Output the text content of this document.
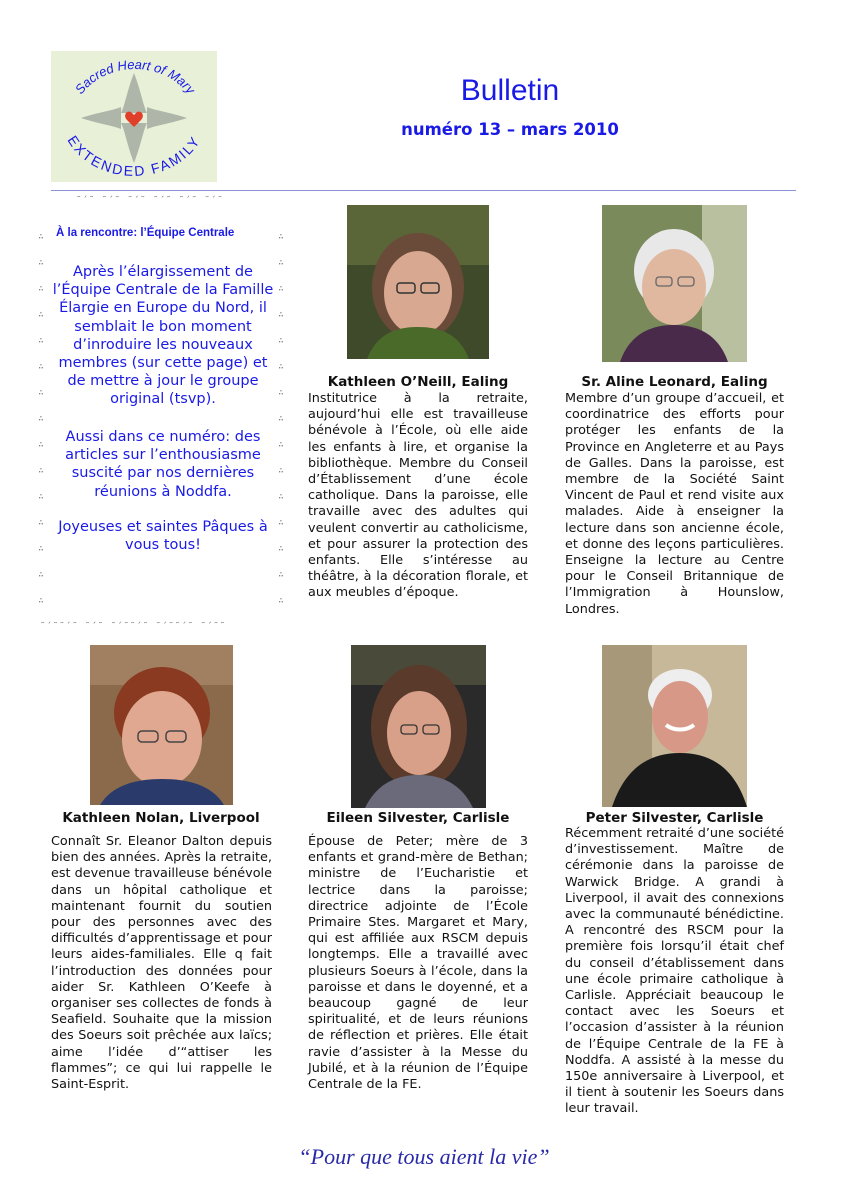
Sacred Heart of Mary
EXTENDED FAMILY
Bulletin
numéro 13 – mars 2010
˜´˜ ˜´˜ ˜´˜ ˜´˜ ˜´˜ ˜´˜
˜´˜˜´˜ ˜´˜ ˜´˜˜´˜ ˜´˜˜´˜ ˜´˜˜
∴
∴
∴
∴
∴
∴
∴
∴
∴
∴
∴
∴
∴
∴
∴
∴
∴
∴
∴
∴
∴
∴
∴
∴
∴
∴
∴
∴
∴
∴
À la rencontre: l’Équipe Centrale
Après l’élargissement de l’Équipe Centrale de la Famille Élargie en Europe du Nord, il semblait le bon moment d’inroduire les nouveaux membres (sur cette page) et de mettre à jour le groupe original (tsvp).
Aussi dans ce numéro: des articles sur l’enthousiasme suscité par nos dernières réunions à Noddfa.
Joyeuses et saintes Pâques à vous tous!
Kathleen O’Neill, Ealing	Sr. Aline Leonard, Ealing
Kathleen Nolan, Liverpool	Eileen Silvester, Carlisle	Peter Silvester, Carlisle

Institutrice à la retraite, aujourd’hui elle est travailleuse bénévole à l’École, où elle aide les enfants à lire, et organise la bibliothèque. Membre du Conseil d’Établissement d’une école catholique. Dans la paroisse, elle travaille avec des adultes qui veulent convertir au catholicisme, et pour assurer la protection des enfants. Elle s’intéresse au théâtre, à la décoration florale, et aux meubles d’époque.

Membre d’un groupe d’accueil, et coordinatrice des efforts pour protéger les enfants de la Province en Angleterre et au Pays de Galles. Dans la paroisse, est membre de la Société Saint Vincent de Paul et rend visite aux malades. Aide à enseigner la lecture dans son ancienne école, et donne des leçons particulières. Enseigne la lecture au Centre pour le Conseil Britannique de l’Immigration à Hounslow, Londres.

Connaît Sr. Eleanor Dalton depuis bien des années. Après la retraite, est devenue travailleuse bénévole dans un hôpital catholique et maintenant fournit du soutien pour des personnes avec des difficultés d’apprentissage et pour leurs aides-familiales. Elle q fait l’introduction des données pour aider Sr. Kathleen O’Keefe à organiser ses collectes de fonds à Seafield. Souhaite que la mission des Soeurs soit prêchée aux laïcs; aime l’idée d’“attiser les flammes”; ce qui lui rappelle le Saint-Esprit.

Épouse de Peter; mère de 3 enfants et grand-mère de Bethan; ministre de l’Eucharistie et lectrice dans la paroisse; directrice adjointe de l’École Primaire Stes. Margaret et Mary, qui est affiliée aux RSCM depuis longtemps. Elle a travaillé avec plusieurs Soeurs à l’école, dans la paroisse et dans le doyenné, et a beaucoup gagné de leur spiritualité, et de leurs réunions de réflection et prières. Elle était ravie d’assister à la Messe du Jubilé, et à la réunion de l’Équipe Centrale de la FE.

Récemment retraité d’une société d’investissement. Maître de cérémonie dans la paroisse de Warwick Bridge. A grandi à Liverpool, il avait des connexions avec la communauté bénédictine. A rencontré des RSCM pour la première fois lorsqu’il était chef du conseil d’établissement dans une école primaire catholique à Carlisle. Appréciait beaucoup le contact avec les Soeurs et l’occasion d’assister à la réunion de l’Équipe Centrale de la FE à Noddfa. A assisté à la messe du 150e anniversaire à Liverpool, et il tient à soutenir les Soeurs dans leur travail.

“Pour que tous aient la vie”
